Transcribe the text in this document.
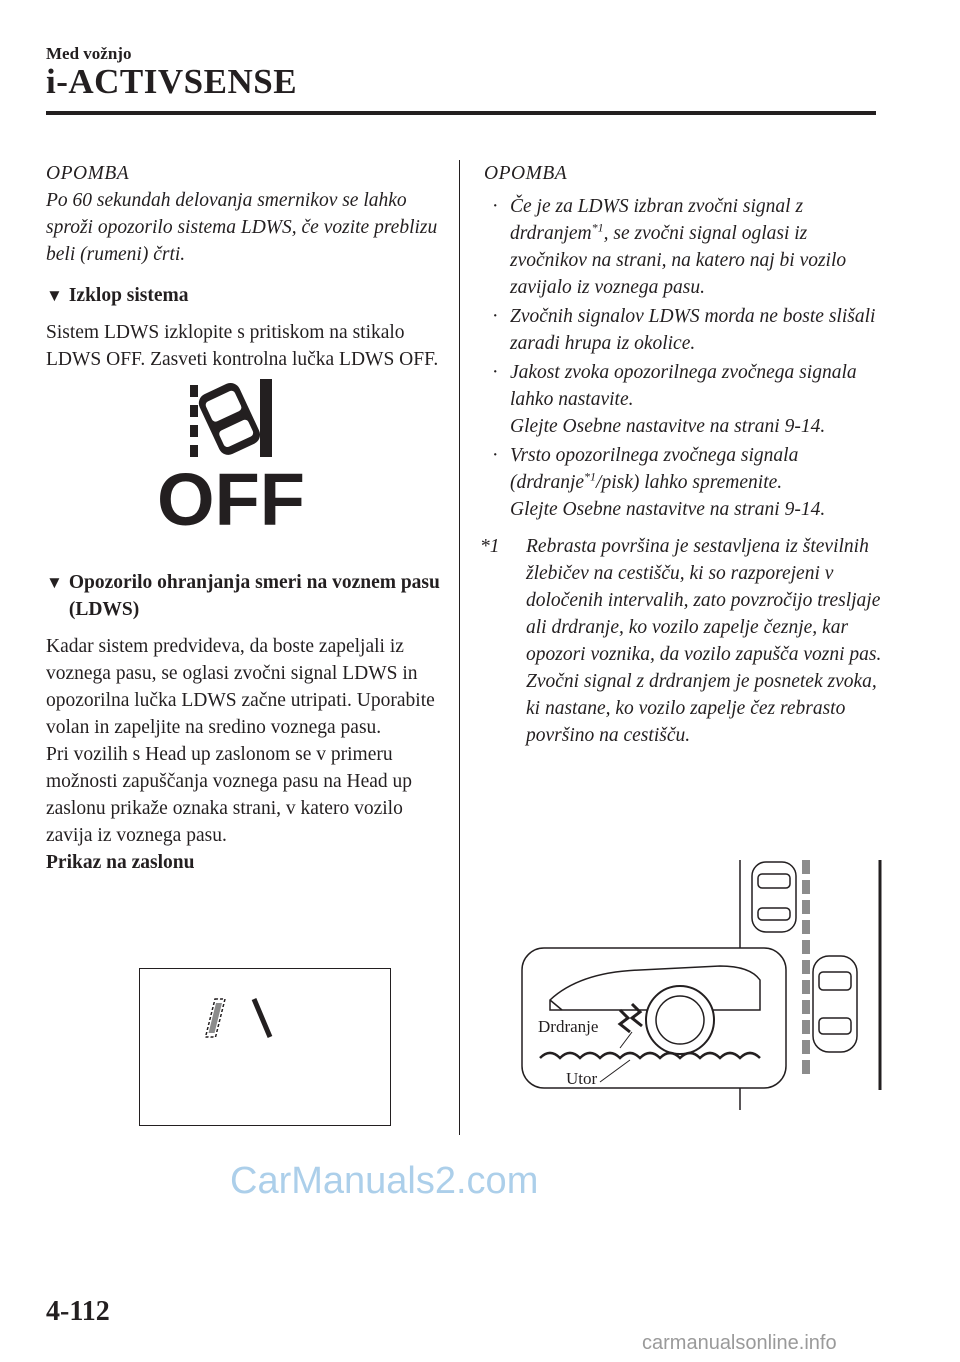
Med vožnjo
i-ACTIVSENSE

OPOMBA

Po 60 sekundah delovanja smernikov se lahko sproži opozorilo sistema LDWS, če vozite preblizu beli (rumeni) črti.

▼ Izklop sistema

Sistem LDWS izklopite s pritiskom na stikalo LDWS OFF. Zasveti kontrolna lučka LDWS OFF.

OFF

▼ Opozorilo ohranjanja smeri na voznem pasu (LDWS)

Kadar sistem predvideva, da boste zapeljali iz voznega pasu, se oglasi zvočni signal LDWS in opozorilna lučka LDWS začne utripati. Uporabite volan in zapeljite na sredino voznega pasu.

Pri vozilih s Head up zaslonom se v primeru možnosti zapuščanja voznega pasu na Head up zaslonu prikaže oznaka strani, v katero vozilo zavija iz voznega pasu.

Prikaz na zaslonu

OPOMBA

· Če je za LDWS izbran zvočni signal z drdranjem$^{*1}$, se zvočni signal oglasi iz zvočnikov na strani, na katero naj bi vozilo zavijalo iz voznega pasu.

· Zvočnih signalov LDWS morda ne boste slišali zaradi hrupa iz okolice.

· Jakost zvoka opozorilnega zvočnega signala lahko nastavite.
Glejte Osebne nastavitve na strani 9-14.

· Vrsto opozorilnega zvočnega signala (drdranje$^{*1}$/pisk) lahko spremenite.
Glejte Osebne nastavitve na strani 9-14.

*1 Rebrasta površina je sestavljena iz številnih žlebičev na cestišču, ki so razporejeni v določenih intervalih, zato povzročijo tresljaje ali drdranje, ko vozilo zapelje čeznje, kar opozori voznika, da vozilo zapušča vozni pas. Zvočni signal z drdranjem je posnetek zvoka, ki nastane, ko vozilo zapelje čez rebrasto površino na cestišču.

Drdranje
Utor
CarManuals2.com
4-112
carmanualsonline.info
